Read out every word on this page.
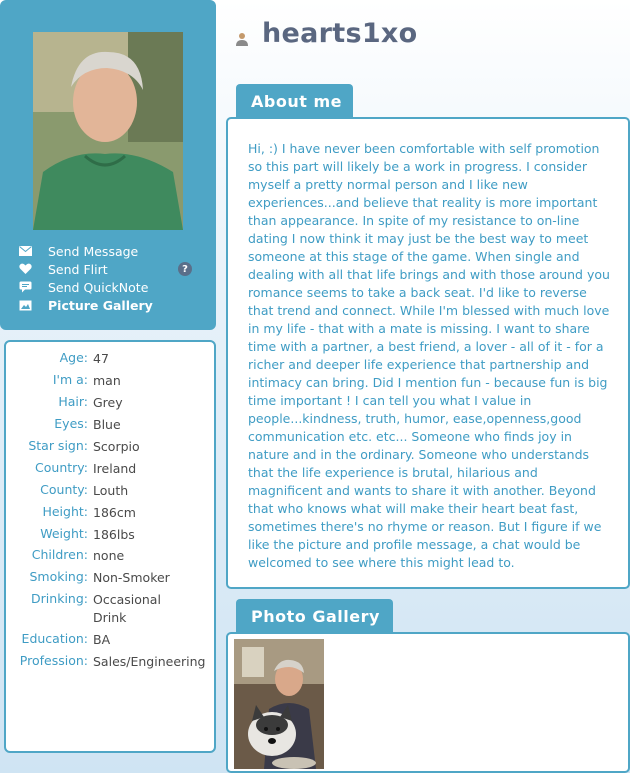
Send Message
Send Flirt
Send QuickNote
Picture Gallery
?
Age: 47
I'm a: man
Hair: Grey
Eyes: Blue
Star sign: Scorpio
Country: Ireland
County: Louth
Height: 186cm
Weight: 186lbs
Children: none
Smoking: Non-Smoker
Drinking: Occasional Drink
Education: BA
Profession: Sales/Engineering
hearts1xo
About me
Hi, :) I have never been comfortable with self promotion so this part will likely be a work in progress. I consider myself a pretty normal person and I like new experiences...and believe that reality is more important than appearance. In spite of my resistance to on-line dating I now think it may just be the best way to meet someone at this stage of the game. When single and dealing with all that life brings and with those around you romance seems to take a back seat. I'd like to reverse that trend and connect. While I'm blessed with much love in my life - that with a mate is missing. I want to share time with a partner, a best friend, a lover - all of it - for a richer and deeper life experience that partnership and intimacy can bring. Did I mention fun - because fun is big time important ! I can tell you what I value in people...kindness, truth, humor, ease,openness,good communication etc. etc... Someone who finds joy in nature and in the ordinary. Someone who understands that the life experience is brutal, hilarious and magnificent and wants to share it with another. Beyond that who knows what will make their heart beat fast, sometimes there's no rhyme or reason. But I figure if we like the picture and profile message, a chat would be welcomed to see where this might lead to.
Photo Gallery
